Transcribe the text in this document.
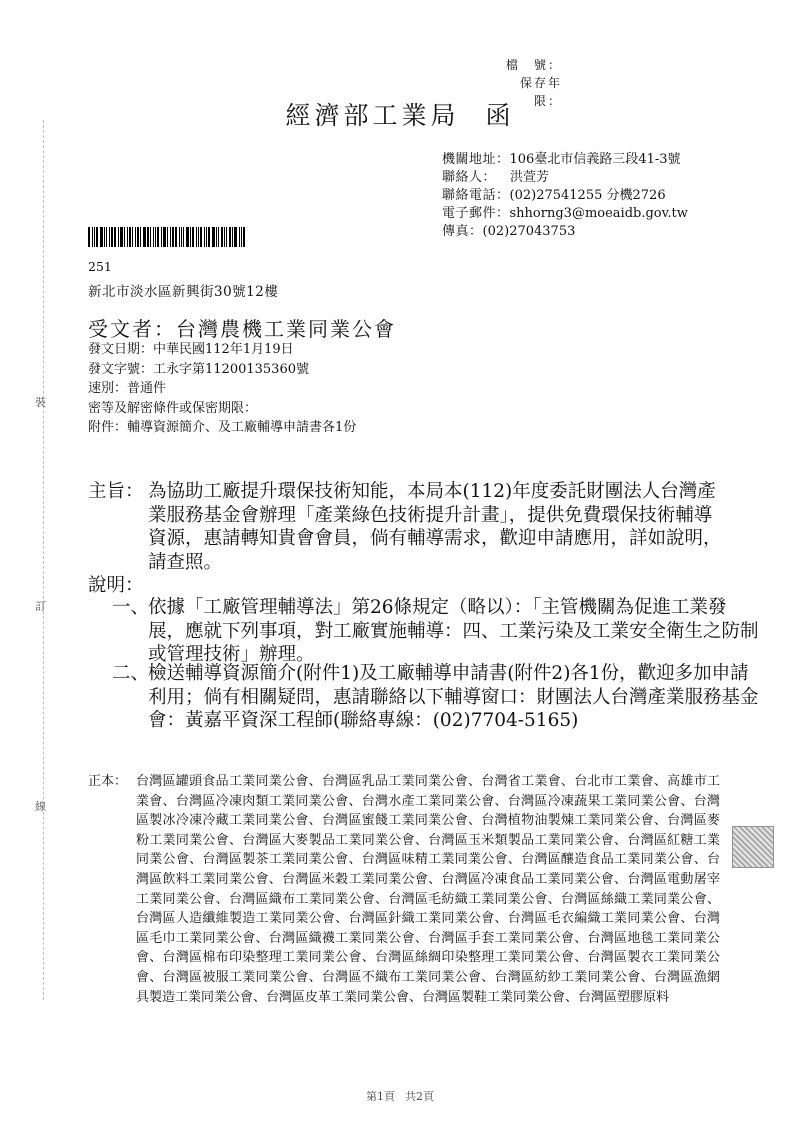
裝
訂
線
檔　號：
保存年限：
經濟部工業局 函
機關地址： 106臺北市信義路三段41-3號
聯絡人： 洪萱芳
聯絡電話： (02)27541255 分機2726
電子郵件： shhorng3@moeaidb.gov.tw
傳真： (02)27043753
251
新北市淡水區新興街30號12樓
受文者：台灣農機工業同業公會
發文日期：中華民國112年1月19日
發文字號：工永字第11200135360號
速別：普通件
密等及解密條件或保密期限：
附件：輔導資源簡介、及工廠輔導申請書各1份
主旨： 為協助工廠提升環保技術知能，本局本(112)年度委託財團法人台灣產業服務基金會辦理「產業綠色技術提升計畫」，提供免費環保技術輔導資源，惠請轉知貴會會員，倘有輔導需求，歡迎申請應用，詳如說明，請查照。
說明：
一、
依據「工廠管理輔導法」第26條規定（略以）：「主管機關為促進工業發展，應就下列事項，對工廠實施輔導：四、工業污染及工業安全衛生之防制或管理技術」辦理。
二、
檢送輔導資源簡介(附件1)及工廠輔導申請書(附件2)各1份，歡迎多加申請利用；倘有相關疑問，惠請聯絡以下輔導窗口：財團法人台灣產業服務基金會：黃嘉平資深工程師(聯絡專線：(02)7704-5165)
正本： 台灣區罐頭食品工業同業公會、台灣區乳品工業同業公會、台灣省工業會、台北市工業會、高雄市工業會、台灣區冷凍肉類工業同業公會、台灣水產工業同業公會、台灣區冷凍蔬果工業同業公會、台灣區製冰冷凍冷藏工業同業公會、台灣區蜜餞工業同業公會、台灣植物油製煉工業同業公會、台灣區麥粉工業同業公會、台灣區大麥製品工業同業公會、台灣區玉米類製品工業同業公會、台灣區紅糖工業同業公會、台灣區製茶工業同業公會、台灣區味精工業同業公會、台灣區釀造食品工業同業公會、台灣區飲料工業同業公會、台灣區米穀工業同業公會、台灣區冷凍食品工業同業公會、台灣區電動屠宰工業同業公會、台灣區織布工業同業公會、台灣區毛紡織工業同業公會、台灣區絲織工業同業公會、台灣區人造纖維製造工業同業公會、台灣區針織工業同業公會、台灣區毛衣編織工業同業公會、台灣區毛巾工業同業公會、台灣區織襪工業同業公會、台灣區手套工業同業公會、台灣區地毯工業同業公會、台灣區棉布印染整理工業同業公會、台灣區絲綢印染整理工業同業公會、台灣區製衣工業同業公會、台灣區被服工業同業公會、台灣區不織布工業同業公會、台灣區紡紗工業同業公會、台灣區漁網具製造工業同業公會、台灣區皮革工業同業公會、台灣區製鞋工業同業公會、台灣區塑膠原料
第1頁 共2頁
